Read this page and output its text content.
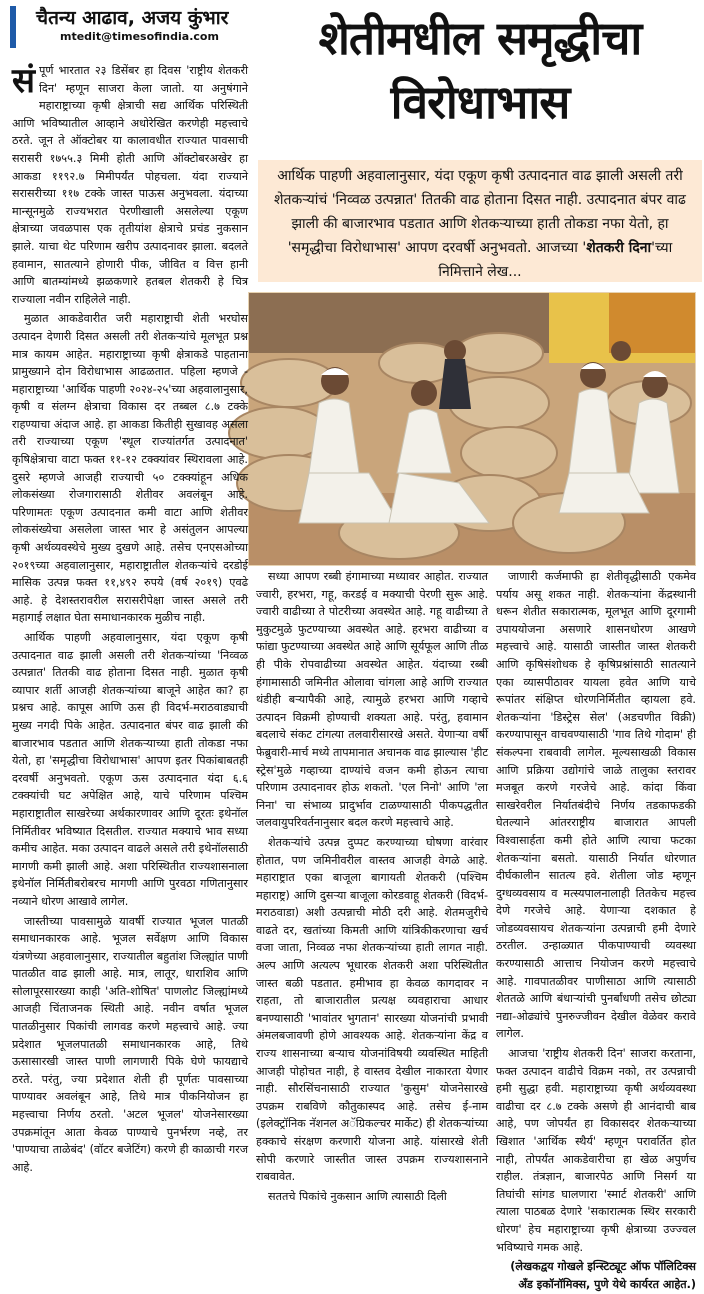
चैतन्य आढाव, अजय कुंभार
mtedit@timesofindia.com	शेतीमधील समृद्धीचा
विरोधाभास
आर्थिक पाहणी अहवालानुसार, यंदा एकूण कृषी उत्पादनात वाढ झाली असली तरी शेतकऱ्यांचं 'निव्वळ उत्पन्नात' तितकी वाढ होताना दिसत नाही. उत्पादनात बंपर वाढ झाली की बाजारभाव पडतात आणि शेतकऱ्याच्या हाती तोकडा नफा येतो, हा 'समृद्धीचा विरोधाभास' आपण दरवर्षी अनुभवतो. आजच्या 'शेतकरी दिना'च्या निमित्ताने लेख...

संपूर्ण भारतात २३ डिसेंबर हा दिवस 'राष्ट्रीय शेतकरी दिन' म्हणून साजरा केला जातो. या अनुषंगाने महाराष्ट्राच्या कृषी क्षेत्राची सद्य आर्थिक परिस्थिती आणि भविष्यातील आव्हाने अधोरेखित करणेही महत्त्वाचे ठरते. जून ते ऑक्टोबर या कालावधीत राज्यात पावसाची सरासरी १७५५.३ मिमी होती आणि ऑक्टोबरअखेर हा आकडा ११९२.७ मिमीपर्यंत पोहचला. यंदा राज्याने सरासरीच्या ११७ टक्के जास्त पाऊस अनुभवला. यंदाच्या मान्सूनमुळे राज्यभरात पेरणीखाली असलेल्या एकूण क्षेत्राच्या जवळपास एक तृतीयांश क्षेत्राचे प्रचंड नुकसान झाले. याचा थेट परिणाम खरीप उत्पादनावर झाला. बदलते हवामान, सातत्याने होणारी पीक, जीवित व वित्त हानी आणि बातम्यांमध्ये झळकणारे हतबल शेतकरी हे चित्र राज्याला नवीन राहिलेले नाही.

मुळात आकडेवारीत जरी महाराष्ट्राची शेती भरघोस उत्पादन देणारी दिसत असली तरी शेतकऱ्यांचे मूलभूत प्रश्न मात्र कायम आहेत. महाराष्ट्राच्या कृषी क्षेत्राकडे पाहताना प्रामुख्याने दोन विरोधाभास आढळतात. पहिला म्हणजे - महाराष्ट्राच्या 'आर्थिक पाहणी २०२४-२५'च्या अहवालानुसार, कृषी व संलग्न क्षेत्राचा विकास दर तब्बल ८.७ टक्के राहण्याचा अंदाज आहे. हा आकडा कितीही सुखावह असला तरी राज्याच्या एकूण 'स्थूल राज्यांतर्गत उत्पादनात' कृषिक्षेत्राचा वाटा फक्त ११-१२ टक्क्यांवर स्थिरावला आहे. दुसरे म्हणजे आजही राज्याची ५० टक्क्यांहून अधिक लोकसंख्या रोजगारासाठी शेतीवर अवलंबून आहे. परिणामतः एकूण उत्पादनात कमी वाटा आणि शेतीवर लोकसंख्येचा असलेला जास्त भार हे असंतुलन आपल्या कृषी अर्थव्यवस्थेचे मुख्य दुखणे आहे. तसेच एनएसओच्या २०१९च्या अहवालानुसार, महाराष्ट्रातील शेतकऱ्यांचे दरडोई मासिक उत्पन्न फक्त ११,४९२ रुपये (वर्ष २०१९) एवढे आहे. हे देशस्तरावरील सरासरीपेक्षा जास्त असले तरी महागाई लक्षात घेता समाधानकारक मुळीच नाही.

आर्थिक पाहणी अहवालानुसार, यंदा एकूण कृषी उत्पादनात वाढ झाली असली तरी शेतकऱ्यांच्या 'निव्वळ उत्पन्नात' तितकी वाढ होताना दिसत नाही. मुळात कृषी व्यापार शर्ती आजही शेतकऱ्यांच्या बाजूने आहेत का? हा प्रश्नच आहे. कापूस आणि ऊस ही विदर्भ-मराठवाड्याची मुख्य नगदी पिके आहेत. उत्पादनात बंपर वाढ झाली की बाजारभाव पडतात आणि शेतकऱ्याच्या हाती तोकडा नफा येतो, हा 'समृद्धीचा विरोधाभास' आपण इतर पिकांबाबतही दरवर्षी अनुभवतो. एकूण ऊस उत्पादनात यंदा ६.६ टक्क्यांची घट अपेक्षित आहे, याचे परिणाम पश्चिम महाराष्ट्रातील साखरेच्या अर्थकारणावर आणि दूरतः इथेनॉल निर्मितीवर भविष्यात दिसतील. राज्यात मक्याचे भाव सध्या कमीच आहेत. मका उत्पादन वाढले असले तरी इथेनॉलसाठी मागणी कमी झाली आहे. अशा परिस्थितीत राज्यशासनाला इथेनॉल निर्मितीबरोबरच मागणी आणि पुरवठा गणितानुसार नव्याने धोरण आखावे लागेल.

जास्तीच्या पावसामुळे यावर्षी राज्यात भूजल पातळी समाधानकारक आहे. भूजल सर्वेक्षण आणि विकास यंत्रणेच्या अहवालानुसार, राज्यातील बहुतांश जिल्ह्यांत पाणी पातळीत वाढ झाली आहे. मात्र, लातूर, धाराशिव आणि सोलापूरसारख्या काही 'अति-शोषित' पाणलोट जिल्ह्यांमध्ये आजही चिंताजनक स्थिती आहे. नवीन वर्षात भूजल पातळीनुसार पिकांची लागवड करणे महत्त्वाचे आहे. ज्या प्रदेशात भूजलपातळी समाधानकारक आहे, तिथे ऊसासारखी जास्त पाणी लागणारी पिके घेणे फायद्याचे ठरते. परंतु, ज्या प्रदेशात शेती ही पूर्णतः पावसाच्या पाण्यावर अवलंबून आहे, तिथे मात्र पीकनियोजन हा महत्त्वाचा निर्णय ठरतो. 'अटल भूजल' योजनेसारख्या उपक्रमांतून आता केवळ पाण्याचे पुनर्भरण नव्हे, तर 'पाण्याचा ताळेबंद' (वॉटर बजेटिंग) करणे ही काळाची गरज आहे.

सध्या आपण रब्बी हंगामाच्या मध्यावर आहोत. राज्यात ज्वारी, हरभरा, गहू, करडई व मक्याची पेरणी सुरू आहे. ज्वारी वाढीच्या ते पोटरीच्या अवस्थेत आहे. गहू वाढीच्या ते मुकुटमुळे फुटण्याच्या अवस्थेत आहे. हरभरा वाढीच्या व फांद्या फुटण्याच्या अवस्थेत आहे आणि सूर्यफूल आणि तीळ ही पीके रोपवाढीच्या अवस्थेत आहेत. यंदाच्या रब्बी हंगामासाठी जमिनीत ओलावा चांगला आहे आणि राज्यात थंडीही बऱ्यापैकी आहे, त्यामुळे हरभरा आणि गव्हाचे उत्पादन विक्रमी होण्याची शक्यता आहे. परंतु, हवामान बदलाचे संकट टांगत्या तलवारीसारखे असते. येणाऱ्या वर्षी फेब्रुवारी-मार्च मध्ये तापमानात अचानक वाढ झाल्यास 'हीट स्ट्रेस'मुळे गव्हाच्या दाण्यांचे वजन कमी होऊन त्याचा परिणाम उत्पादनावर होऊ शकतो. 'एल निनो' आणि 'ला निना' चा संभाव्य प्रादुर्भाव टाळण्यासाठी पीकपद्धतीत जलवायुपरिवर्तनानुसार बदल करणे महत्त्वाचे आहे.

शेतकऱ्यांचे उत्पन्न दुप्पट करण्याच्या घोषणा वारंवार होतात, पण जमिनीवरील वास्तव आजही वेगळे आहे. महाराष्ट्रात एका बाजूला बागायती शेतकरी (पश्चिम महाराष्ट्र) आणि दुसऱ्या बाजूला कोरडवाहू शेतकरी (विदर्भ-मराठवाडा) अशी उत्पन्नाची मोठी दरी आहे. शेतमजुरीचे वाढते दर, खतांच्या किमती आणि यांत्रिकीकरणाचा खर्च वजा जाता, निव्वळ नफा शेतकऱ्यांच्या हाती लागत नाही. अल्प आणि अत्यल्प भूधारक शेतकरी अशा परिस्थितीत जास्त बळी पडतात. हमीभाव हा केवळ कागदावर न राहता, तो बाजारातील प्रत्यक्ष व्यवहाराचा आधार बनण्यासाठी 'भावांतर भुगतान' सारख्या योजनांची प्रभावी अंमलबजावणी होणे आवश्यक आहे. शेतकऱ्यांना केंद्र व राज्य शासनाच्या बऱ्याच योजनांविषयी व्यवस्थित माहिती आजही पोहोचत नाही, हे वास्तव देखील नाकारता येणार नाही. सौरसिंचनासाठी राज्यात 'कुसुम' योजनेसारखे उपक्रम राबविणे कौतुकास्पद आहे. तसेच ई-नाम (इलेक्ट्रॉनिक नॅशनल अॅग्रिकल्चर मार्केट) ही शेतकऱ्यांच्या हक्काचे संरक्षण करणारी योजना आहे. यांसारखे शेती सोपी करणारे जास्तीत जास्त उपक्रम राज्यशासनाने राबवावेत.

सततचे पिकांचे नुकसान आणि त्यासाठी दिली

जाणारी कर्जमाफी हा शेतीवृद्धीसाठी एकमेव पर्याय असू शकत नाही. शेतकऱ्यांना केंद्रस्थानी धरून शेतीत सकारात्मक, मूलभूत आणि दूरगामी उपाययोजना असणारे शासनधोरण आखणे महत्त्वाचे आहे. यासाठी जास्तीत जास्त शेतकरी आणि कृषिसंशोधक हे कृषिप्रश्नांसाठी सातत्याने एका व्यासपीठावर यायला हवेत आणि याचे रूपांतर संक्षिप्त धोरणनिर्मितीत व्हायला हवे. शेतकऱ्यांना 'डिस्ट्रेस सेल' (अडचणीत विक्री) करण्यापासून वाचवण्यासाठी 'गाव तिथे गोदाम' ही संकल्पना राबवावी लागेल. मूल्यसाखळी विकास आणि प्रक्रिया उद्योगांचे जाळे तालुका स्तरावर मजबूत करणे गरजेचे आहे. कांदा किंवा साखरेवरील निर्यातबंदीचे निर्णय तडकाफडकी घेतल्याने आंतरराष्ट्रीय बाजारात आपली विश्वासार्हता कमी होते आणि त्याचा फटका शेतकऱ्यांना बसतो. यासाठी निर्यात धोरणात दीर्घकालीन सातत्य हवे. शेतीला जोड म्हणून दुग्धव्यवसाय व मत्स्यपालनालाही तितकेच महत्त्व देणे गरजेचे आहे. येणाऱ्या दशकात हे जोडव्यवसायच शेतकऱ्यांना उत्पन्नाची हमी देणारे ठरतील. उन्हाळ्यात पीकपाण्याची व्यवस्था करण्यासाठी आत्ताच नियोजन करणे महत्त्वाचे आहे. गावपातळीवर पाणीसाठा आणि त्यासाठी शेततळे आणि बंधाऱ्यांची पुनर्बांधणी तसेच छोट्या नद्या-ओढ्यांचे पुनरुज्जीवन देखील वेळेवर करावे लागेल.

आजचा 'राष्ट्रीय शेतकरी दिन' साजरा करताना, फक्त उत्पादन वाढीचे विक्रम नको, तर उत्पन्नाची हमी सुद्धा हवी. महाराष्ट्राच्या कृषी अर्थव्यवस्था वाढीचा दर ८.७ टक्के असणे ही आनंदाची बाब आहे, पण जोपर्यंत हा विकासदर शेतकऱ्याच्या खिशात 'आर्थिक स्थैर्य' म्हणून परावर्तित होत नाही, तोपर्यंत आकडेवारीचा हा खेळ अपुर्णच राहील. तंत्रज्ञान, बाजारपेठ आणि निसर्ग या तिघांची सांगड घालणारा 'स्मार्ट शेतकरी' आणि त्याला पाठबळ देणारे 'सकारात्मक स्थिर सरकारी धोरण' हेच महाराष्ट्राच्या कृषी क्षेत्राच्या उज्ज्वल भविष्याचे गमक आहे.

(लेखकद्वय गोखले इन्स्टिट्यूट ऑफ पॉलिटिक्स अँड इकॉनॉमिक्स, पुणे येथे कार्यरत आहेत.)
